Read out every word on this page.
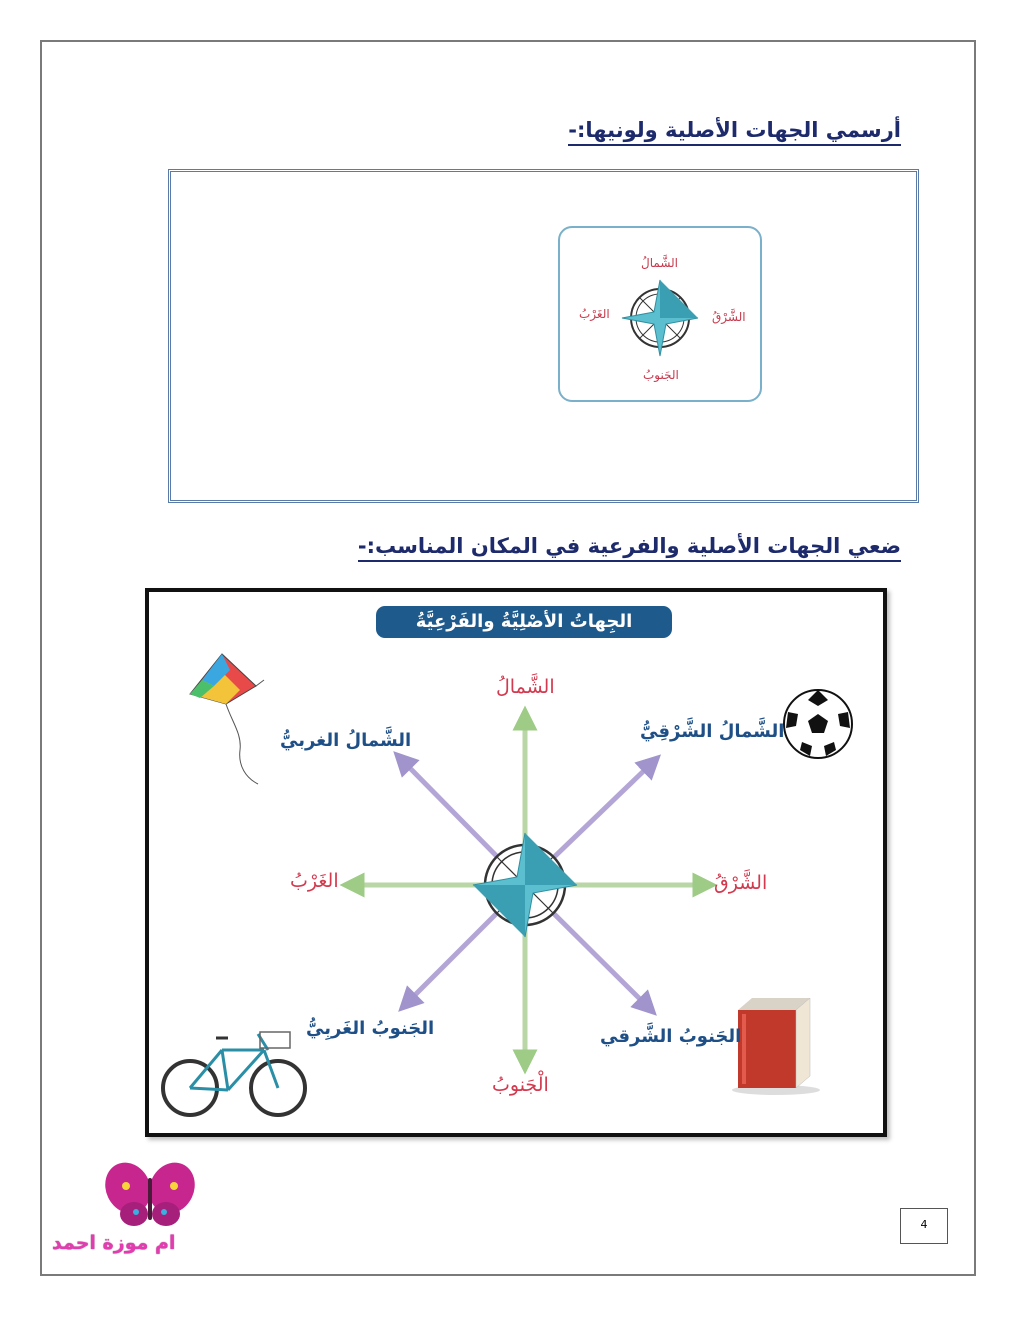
أرسمي الجهات الأصلية ولونيها:-
الشَّمالُ
الجَنوبُ
الشَّرْقُ
الغَرْبُ
ضعي الجهات الأصلية والفرعية في المكان المناسب:-
الجِهاتُ الأصْلِيَّةُ والفَرْعِيَّةُ
الشَّمالُ
الْجَنوبُ
الشَّرْقُ
الغَرْبُ
الشَّمالُ الشَّرْقِيُّ
الشَّمالُ الغربيُّ
الجَنوبُ الشَّرقي
الجَنوبُ الغَربِيُّ
ام موزة احمد
4
